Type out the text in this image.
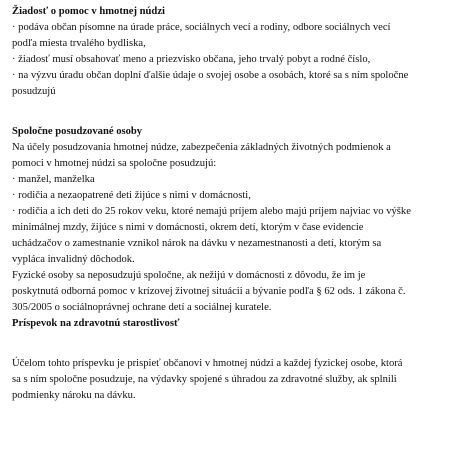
Žiadosť o pomoc v hmotnej núdzi
· podáva občan písomne na úrade práce, sociálnych vecí a rodiny, odbore sociálnych vecí
podľa miesta trvalého bydliska,
· žiadosť musí obsahovať meno a priezvisko občana, jeho trvalý pobyt a rodné číslo,
· na výzvu úradu občan doplní ďalšie údaje o svojej osobe a osobách, ktoré sa s ním spoločne
posudzujú
Spoločne posudzované osoby
Na účely posudzovania hmotnej núdze, zabezpečenia základných životných podmienok a
pomoci v hmotnej núdzi sa spoločne posudzujú:
· manžel, manželka
· rodičia a nezaopatrené deti žijúce s nimi v domácnosti,
· rodičia a ich deti do 25 rokov veku, ktoré nemajú príjem alebo majú príjem najviac vo výške
minimálnej mzdy, žijúce s nimi v domácnosti, okrem detí, ktorým v čase evidencie
uchádzačov o zamestnanie vznikol nárok na dávku v nezamestnanosti a detí, ktorým sa
vypláca invalidný dôchodok.
Fyzické osoby sa neposudzujú spoločne, ak nežijú v domácnosti z dôvodu, že im je
poskytnutá odborná pomoc v krízovej životnej situácii a bývanie podľa § 62 ods. 1 zákona č.
305/2005 o sociálnoprávnej ochrane detí a sociálnej kuratele.
Príspevok na zdravotnú starostlivosť
Účelom tohto príspevku je prispieť občanovi v hmotnej núdzi a každej fyzickej osobe, ktorá
sa s ním spoločne posudzuje, na výdavky spojené s úhradou za zdravotné služby, ak splnili
podmienky nároku na dávku.
